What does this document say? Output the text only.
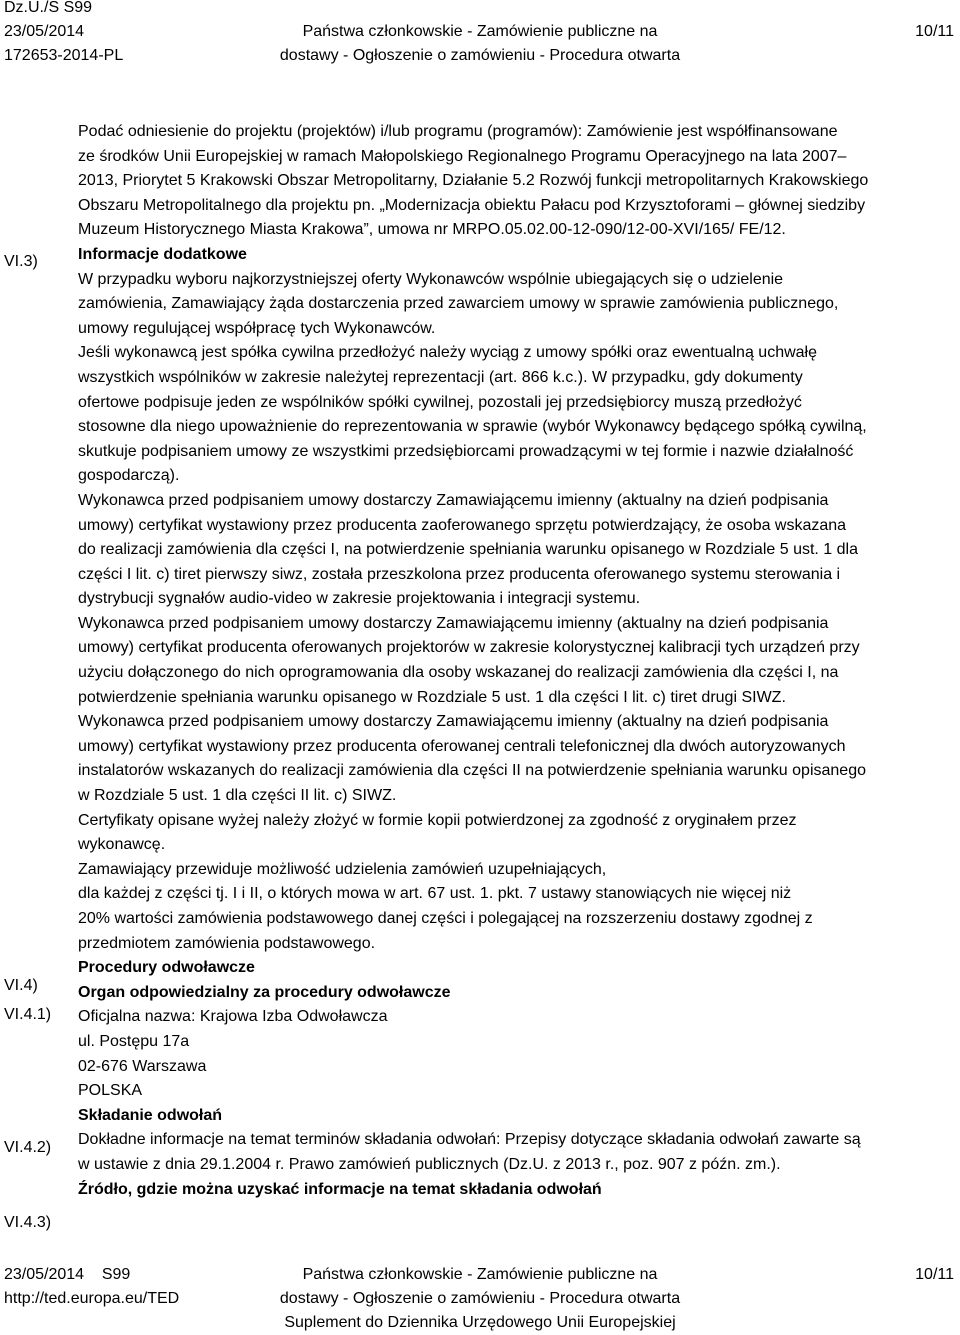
Dz.U./S S99
23/05/2014
172653-2014-PL
Państwa członkowskie - Zamówienie publiczne na
dostawy - Ogłoszenie o zamówieniu - Procedura otwarta
10/11
VI.3)
VI.4)
VI.4.1)
VI.4.2)
VI.4.3)

Podać odniesienie do projektu (projektów) i/lub programu (programów): Zamówienie jest współfinansowane

ze środków Unii Europejskiej w ramach Małopolskiego Regionalnego Programu Operacyjnego na lata 2007–

2013, Priorytet 5 Krakowski Obszar Metropolitarny, Działanie 5.2 Rozwój funkcji metropolitarnych Krakowskiego

Obszaru Metropolitalnego dla projektu pn. „Modernizacja obiektu Pałacu pod Krzysztoforami – głównej siedziby

Muzeum Historycznego Miasta Krakowa”, umowa nr MRPO.05.02.00-12-090/12-00-XVI/165/ FE/12.

Informacje dodatkowe

W przypadku wyboru najkorzystniejszej oferty Wykonawców wspólnie ubiegających się o udzielenie

zamówienia, Zamawiający żąda dostarczenia przed zawarciem umowy w sprawie zamówienia publicznego,

umowy regulującej współpracę tych Wykonawców.

Jeśli wykonawcą jest spółka cywilna przedłożyć należy wyciąg z umowy spółki oraz ewentualną uchwałę

wszystkich wspólników w zakresie należytej reprezentacji (art. 866 k.c.). W przypadku, gdy dokumenty

ofertowe podpisuje jeden ze wspólników spółki cywilnej, pozostali jej przedsiębiorcy muszą przedłożyć

stosowne dla niego upoważnienie do reprezentowania w sprawie (wybór Wykonawcy będącego spółką cywilną,

skutkuje podpisaniem umowy ze wszystkimi przedsiębiorcami prowadzącymi w tej formie i nazwie działalność

gospodarczą).

Wykonawca przed podpisaniem umowy dostarczy Zamawiającemu imienny (aktualny na dzień podpisania

umowy) certyfikat wystawiony przez producenta zaoferowanego sprzętu potwierdzający, że osoba wskazana

do realizacji zamówienia dla części I, na potwierdzenie spełniania warunku opisanego w Rozdziale 5 ust. 1 dla

części I lit. c) tiret pierwszy siwz, została przeszkolona przez producenta oferowanego systemu sterowania i

dystrybucji sygnałów audio-video w zakresie projektowania i integracji systemu.

Wykonawca przed podpisaniem umowy dostarczy Zamawiającemu imienny (aktualny na dzień podpisania

umowy) certyfikat producenta oferowanych projektorów w zakresie kolorystycznej kalibracji tych urządzeń przy

użyciu dołączonego do nich oprogramowania dla osoby wskazanej do realizacji zamówienia dla części I, na

potwierdzenie spełniania warunku opisanego w Rozdziale 5 ust. 1 dla części I lit. c) tiret drugi SIWZ.

Wykonawca przed podpisaniem umowy dostarczy Zamawiającemu imienny (aktualny na dzień podpisania

umowy) certyfikat wystawiony przez producenta oferowanej centrali telefonicznej dla dwóch autoryzowanych

instalatorów wskazanych do realizacji zamówienia dla części II na potwierdzenie spełniania warunku opisanego

w Rozdziale 5 ust. 1 dla części II lit. c) SIWZ.

Certyfikaty opisane wyżej należy złożyć w formie kopii potwierdzonej za zgodność z oryginałem przez

wykonawcę.

Zamawiający przewiduje możliwość udzielenia zamówień uzupełniających,

dla każdej z części tj. I i II, o których mowa w art. 67 ust. 1. pkt. 7 ustawy stanowiących nie więcej niż

20% wartości zamówienia podstawowego danej części i polegającej na rozszerzeniu dostawy zgodnej z

przedmiotem zamówienia podstawowego.

Procedury odwoławcze

Organ odpowiedzialny za procedury odwoławcze

Oficjalna nazwa: Krajowa Izba Odwoławcza

ul. Postępu 17a

02-676 Warszawa

POLSKA

Składanie odwołań

Dokładne informacje na temat terminów składania odwołań: Przepisy dotyczące składania odwołań zawarte są

w ustawie z dnia 29.1.2004 r. Prawo zamówień publicznych (Dz.U. z 2013 r., poz. 907 z późn. zm.).

Źródło, gdzie można uzyskać informacje na temat składania odwołań

23/05/2014    S99
http://ted.europa.eu/TED
Państwa członkowskie - Zamówienie publiczne na
dostawy - Ogłoszenie o zamówieniu - Procedura otwarta
Suplement do Dziennika Urzędowego Unii Europejskiej
10/11
